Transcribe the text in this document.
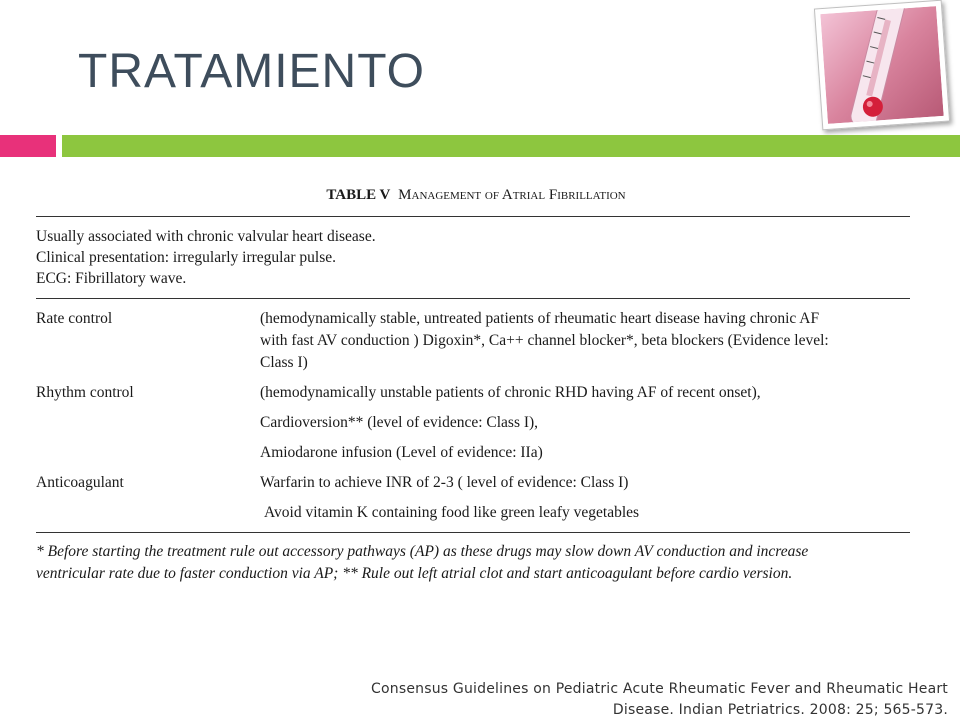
TRATAMIENTO
TABLE V Management of Atrial Fibrillation
Usually associated with chronic valvular heart disease.
Clinical presentation: irregularly irregular pulse.
ECG: Fibrillatory wave.
Rate control	(hemodynamically stable, untreated patients of rheumatic heart disease having chronic AF
with fast AV conduction ) Digoxin*, Ca++ channel blocker*, beta blockers (Evidence level:
Class I)
Rhythm control	(hemodynamically unstable patients of chronic RHD having AF of recent onset),
Cardioversion** (level of evidence: Class I),
Amiodarone infusion (Level of evidence: IIa)
Anticoagulant	Warfarin to achieve INR of 2-3 ( level of evidence: Class I)
Avoid vitamin K containing food like green leafy vegetables
* Before starting the treatment rule out accessory pathways (AP) as these drugs may slow down AV conduction and increase
ventricular rate due to faster conduction via AP; ** Rule out left atrial clot and start anticoagulant before cardio version.
Consensus Guidelines on Pediatric Acute Rheumatic Fever and Rheumatic Heart
Disease. Indian Petriatrics. 2008: 25; 565-573.
